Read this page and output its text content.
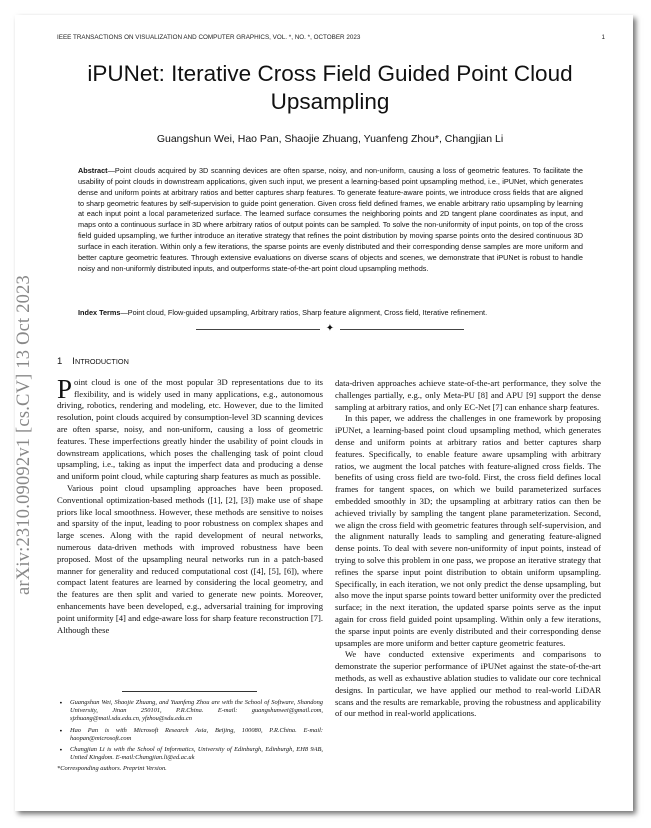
IEEE TRANSACTIONS ON VISUALIZATION AND COMPUTER GRAPHICS, VOL. *, NO. *, OCTOBER 2023	1
iPUNet: Iterative Cross Field Guided Point Cloud Upsampling
Guangshun Wei, Hao Pan, Shaojie Zhuang, Yuanfeng Zhou*, Changjian Li
Abstract—Point clouds acquired by 3D scanning devices are often sparse, noisy, and non-uniform, causing a loss of geometric features. To facilitate the usability of point clouds in downstream applications, given such input, we present a learning-based point upsampling method, i.e., iPUNet, which generates dense and uniform points at arbitrary ratios and better captures sharp features. To generate feature-aware points, we introduce cross fields that are aligned to sharp geometric features by self-supervision to guide point generation. Given cross field defined frames, we enable arbitrary ratio upsampling by learning at each input point a local parameterized surface. The learned surface consumes the neighboring points and 2D tangent plane coordinates as input, and maps onto a continuous surface in 3D where arbitrary ratios of output points can be sampled. To solve the non-uniformity of input points, on top of the cross field guided upsampling, we further introduce an iterative strategy that refines the point distribution by moving sparse points onto the desired continuous 3D surface in each iteration. Within only a few iterations, the sparse points are evenly distributed and their corresponding dense samples are more uniform and better capture geometric features. Through extensive evaluations on diverse scans of objects and scenes, we demonstrate that iPUNet is robust to handle noisy and non-uniformly distributed inputs, and outperforms state-of-the-art point cloud upsampling methods.
Index Terms—Point cloud, Flow-guided upsampling, Arbitrary ratios, Sharp feature alignment, Cross field, Iterative refinement.
✦
arXiv:2310.09092v1 [cs.CV] 13 Oct 2023 1 INTRODUCTION

Point cloud is one of the most popular 3D representations due to its flexibility, and is widely used in many applications, e.g., autonomous driving, robotics, rendering and modeling, etc. However, due to the limited resolution, point clouds acquired by consumption-level 3D scanning devices are often sparse, noisy, and non-uniform, causing a loss of geometric features. These imperfections greatly hinder the usability of point clouds in downstream applications, which poses the challenging task of point cloud upsampling, i.e., taking as input the imperfect data and producing a dense and uniform point cloud, while capturing sharp features as much as possible.

Various point cloud upsampling approaches have been proposed. Conventional optimization-based methods ([1], [2], [3]) make use of shape priors like local smoothness. However, these methods are sensitive to noises and sparsity of the input, leading to poor robustness on complex shapes and large scenes. Along with the rapid development of neural networks, numerous data-driven methods with improved robustness have been proposed. Most of the upsampling neural networks run in a patch-based manner for generality and reduced computational cost ([4], [5], [6]), where compact latent features are learned by considering the local geometry, and the features are then split and varied to generate new points. Moreover, enhancements have been developed, e.g., adversarial training for improving point uniformity [4] and edge-aware loss for sharp feature reconstruction [7]. Although these

• Guangshun Wei, Shaojie Zhuang, and Yuanfeng Zhou are with the School of Software, Shandong University, Jinan 250101, P.R.China. E-mail: guangshunwei@gmail.com, sjzhuang@mail.sdu.edu.cn, yfzhou@sdu.edu.cn
• Hao Pan is with Microsoft Research Asia, Beijing, 100080, P.R.China. E-mail: haopan@microsoft.com
• Changjian Li is with the School of Informatics, University of Edinburgh, Edinburgh, EH8 9AB, United Kingdom. E-mail:Changjian.li@ed.ac.uk
*Corresponding authors. Preprint Version.

data-driven approaches achieve state-of-the-art performance, they solve the challenges partially, e.g., only Meta-PU [8] and APU [9] support the dense sampling at arbitrary ratios, and only EC-Net [7] can enhance sharp features.

In this paper, we address the challenges in one framework by proposing iPUNet, a learning-based point cloud upsampling method, which generates dense and uniform points at arbitrary ratios and better captures sharp features. Specifically, to enable feature aware upsampling with arbitrary ratios, we augment the local patches with feature-aligned cross fields. The benefits of using cross field are two-fold. First, the cross field defines local frames for tangent spaces, on which we build parameterized surfaces embedded smoothly in 3D; the upsampling at arbitrary ratios can then be achieved trivially by sampling the tangent plane parameterization. Second, we align the cross field with geometric features through self-supervision, and the alignment naturally leads to sampling and generating feature-aligned dense points. To deal with severe non-uniformity of input points, instead of trying to solve this problem in one pass, we propose an iterative strategy that refines the sparse input point distribution to obtain uniform upsampling. Specifically, in each iteration, we not only predict the dense upsampling, but also move the input sparse points toward better uniformity over the predicted surface; in the next iteration, the updated sparse points serve as the input again for cross field guided point upsampling. Within only a few iterations, the sparse input points are evenly distributed and their corresponding dense upsamples are more uniform and better capture geometric features.

We have conducted extensive experiments and comparisons to demonstrate the superior performance of iPUNet against the state-of-the-art methods, as well as exhaustive ablation studies to validate our core technical designs. In particular, we have applied our method to real-world LiDAR scans and the results are remarkable, proving the robustness and applicability of our method in real-world applications.
